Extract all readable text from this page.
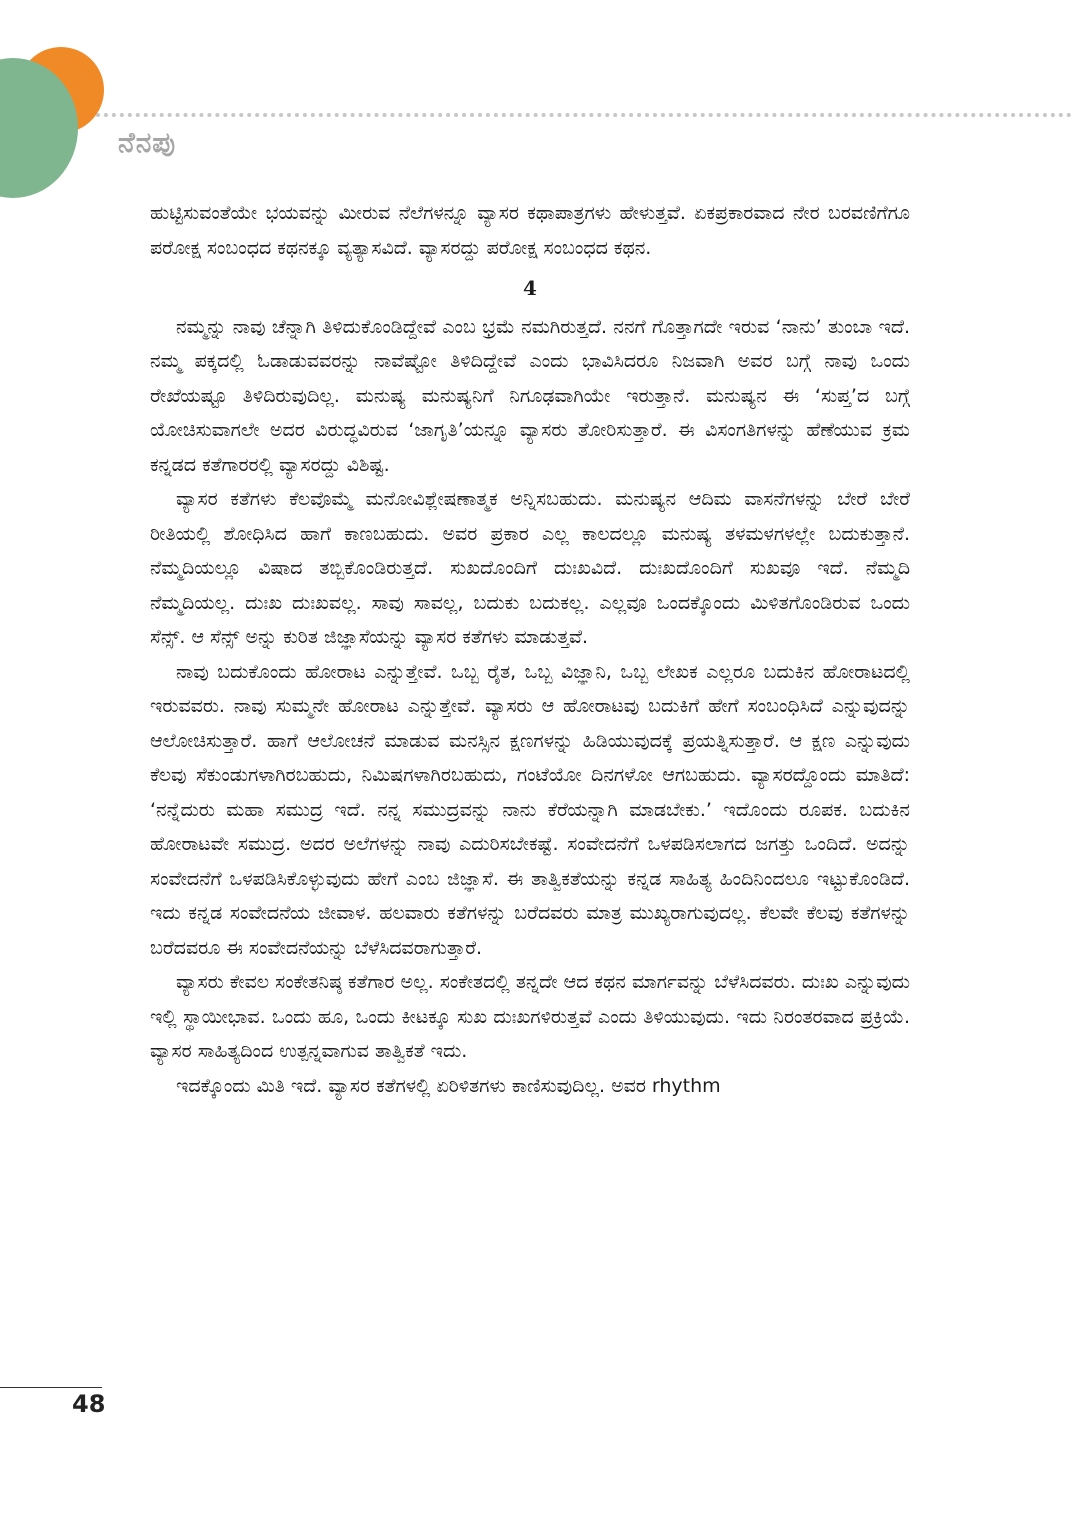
ನೆನಪು

ಹುಟ್ಟಿಸುವಂತೆಯೇ ಭಯವನ್ನು ಮೀರುವ ನೆಲೆಗಳನ್ನೂ ವ್ಯಾಸರ ಕಥಾಪಾತ್ರಗಳು ಹೇಳುತ್ತವೆ. ಏಕಪ್ರಕಾರವಾದ ನೇರ ಬರವಣಿಗೆಗೂ ಪರೋಕ್ಷ ಸಂಬಂಧದ ಕಥನಕ್ಕೂ ವ್ಯತ್ಯಾಸವಿದೆ. ವ್ಯಾಸರದ್ದು ಪರೋಕ್ಷ ಸಂಬಂಧದ ಕಥನ.

4

ನಮ್ಮನ್ನು ನಾವು ಚೆನ್ನಾಗಿ ತಿಳಿದುಕೊಂಡಿದ್ದೇವೆ ಎಂಬ ಭ್ರಮೆ ನಮಗಿರುತ್ತದೆ. ನನಗೆ ಗೊತ್ತಾಗದೇ ಇರುವ ‘ನಾನು’ ತುಂಬಾ ಇದೆ. ನಮ್ಮ ಪಕ್ಕದಲ್ಲಿ ಓಡಾಡುವವರನ್ನು ನಾವೆಷ್ಟೋ ತಿಳಿದಿದ್ದೇವೆ ಎಂದು ಭಾವಿಸಿದರೂ ನಿಜವಾಗಿ ಅವರ ಬಗ್ಗೆ ನಾವು ಒಂದು ರೇಖೆಯಷ್ಟೂ ತಿಳಿದಿರುವುದಿಲ್ಲ. ಮನುಷ್ಯ ಮನುಷ್ಯನಿಗೆ ನಿಗೂಢವಾಗಿಯೇ ಇರುತ್ತಾನೆ. ಮನುಷ್ಯನ ಈ ‘ಸುಪ್ತ’ದ ಬಗ್ಗೆ ಯೋಚಿಸುವಾಗಲೇ ಅದರ ವಿರುದ್ಧವಿರುವ ‘ಜಾಗೃತಿ’ಯನ್ನೂ ವ್ಯಾಸರು ತೋರಿಸುತ್ತಾರೆ. ಈ ವಿಸಂಗತಿಗಳನ್ನು ಹೆಣೆಯುವ ಕ್ರಮ ಕನ್ನಡದ ಕತೆಗಾರರಲ್ಲಿ ವ್ಯಾಸರದ್ದು ವಿಶಿಷ್ಟ.

ವ್ಯಾಸರ ಕತೆಗಳು ಕೆಲವೊಮ್ಮೆ ಮನೋವಿಶ್ಲೇಷಣಾತ್ಮಕ ಅನ್ನಿಸಬಹುದು. ಮನುಷ್ಯನ ಆದಿಮ ವಾಸನೆಗಳನ್ನು ಬೇರೆ ಬೇರೆ ರೀತಿಯಲ್ಲಿ ಶೋಧಿಸಿದ ಹಾಗೆ ಕಾಣಬಹುದು. ಅವರ ಪ್ರಕಾರ ಎಲ್ಲ ಕಾಲದಲ್ಲೂ ಮನುಷ್ಯ ತಳಮಳಗಳಲ್ಲೇ ಬದುಕುತ್ತಾನೆ. ನೆಮ್ಮದಿಯಲ್ಲೂ ವಿಷಾದ ತಬ್ಬಿಕೊಂಡಿರುತ್ತದೆ. ಸುಖದೊಂದಿಗೆ ದುಃಖವಿದೆ. ದುಃಖದೊಂದಿಗೆ ಸುಖವೂ ಇದೆ. ನೆಮ್ಮದಿ ನೆಮ್ಮದಿಯಲ್ಲ. ದುಃಖ ದುಃಖವಲ್ಲ. ಸಾವು ಸಾವಲ್ಲ, ಬದುಕು ಬದುಕಲ್ಲ. ಎಲ್ಲವೂ ಒಂದಕ್ಕೊಂದು ಮಿಳಿತಗೊಂಡಿರುವ ಒಂದು ಸೆನ್ಸ್. ಆ ಸೆನ್ಸ್ ಅನ್ನು ಕುರಿತ ಜಿಜ್ಞಾಸೆಯನ್ನು ವ್ಯಾಸರ ಕತೆಗಳು ಮಾಡುತ್ತವೆ.

ನಾವು ಬದುಕೊಂದು ಹೋರಾಟ ಎನ್ನುತ್ತೇವೆ. ಒಬ್ಬ ರೈತ, ಒಬ್ಬ ವಿಜ್ಞಾನಿ, ಒಬ್ಬ ಲೇಖಕ ಎಲ್ಲರೂ ಬದುಕಿನ ಹೋರಾಟದಲ್ಲಿ ಇರುವವರು. ನಾವು ಸುಮ್ಮನೇ ಹೋರಾಟ ಎನ್ನುತ್ತೇವೆ. ವ್ಯಾಸರು ಆ ಹೋರಾಟವು ಬದುಕಿಗೆ ಹೇಗೆ ಸಂಬಂಧಿಸಿದೆ ಎನ್ನುವುದನ್ನು ಆಲೋಚಿಸುತ್ತಾರೆ. ಹಾಗೆ ಆಲೋಚನೆ ಮಾಡುವ ಮನಸ್ಸಿನ ಕ್ಷಣಗಳನ್ನು ಹಿಡಿಯುವುದಕ್ಕೆ ಪ್ರಯತ್ನಿಸುತ್ತಾರೆ. ಆ ಕ್ಷಣ ಎನ್ನುವುದು ಕೆಲವು ಸೆಕುಂಡುಗಳಾಗಿರಬಹುದು, ನಿಮಿಷಗಳಾಗಿರಬಹುದು, ಗಂಟೆಯೋ ದಿನಗಳೋ ಆಗಬಹುದು. ವ್ಯಾಸರದ್ದೊಂದು ಮಾತಿದೆ: ‘ನನ್ನೆದುರು ಮಹಾ ಸಮುದ್ರ ಇದೆ. ನನ್ನ ಸಮುದ್ರವನ್ನು ನಾನು ಕೆರೆಯನ್ನಾಗಿ ಮಾಡಬೇಕು.’ ಇದೊಂದು ರೂಪಕ. ಬದುಕಿನ ಹೋರಾಟವೇ ಸಮುದ್ರ. ಅದರ ಅಲೆಗಳನ್ನು ನಾವು ಎದುರಿಸಬೇಕಷ್ಟೆ. ಸಂವೇದನೆಗೆ ಒಳಪಡಿಸಲಾಗದ ಜಗತ್ತು ಒಂದಿದೆ. ಅದನ್ನು ಸಂವೇದನೆಗೆ ಒಳಪಡಿಸಿಕೊಳ್ಳುವುದು ಹೇಗೆ ಎಂಬ ಜಿಜ್ಞಾಸೆ. ಈ ತಾತ್ವಿಕತೆಯನ್ನು ಕನ್ನಡ ಸಾಹಿತ್ಯ ಹಿಂದಿನಿಂದಲೂ ಇಟ್ಟುಕೊಂಡಿದೆ. ಇದು ಕನ್ನಡ ಸಂವೇದನೆಯ ಜೀವಾಳ. ಹಲವಾರು ಕತೆಗಳನ್ನು ಬರೆದವರು ಮಾತ್ರ ಮುಖ್ಯರಾಗುವುದಲ್ಲ. ಕೆಲವೇ ಕೆಲವು ಕತೆಗಳನ್ನು ಬರೆದವರೂ ಈ ಸಂವೇದನೆಯನ್ನು ಬೆಳೆಸಿದವರಾಗುತ್ತಾರೆ.

ವ್ಯಾಸರು ಕೇವಲ ಸಂಕೇತನಿಷ್ಠ ಕತೆಗಾರ ಅಲ್ಲ. ಸಂಕೇತದಲ್ಲಿ ತನ್ನದೇ ಆದ ಕಥನ ಮಾರ್ಗವನ್ನು ಬೆಳೆಸಿದವರು. ದುಃಖ ಎನ್ನುವುದು ಇಲ್ಲಿ ಸ್ಥಾಯೀಭಾವ. ಒಂದು ಹೂ, ಒಂದು ಕೀಟಕ್ಕೂ ಸುಖ ದುಃಖಗಳಿರುತ್ತವೆ ಎಂದು ತಿಳಿಯುವುದು. ಇದು ನಿರಂತರವಾದ ಪ್ರಕ್ರಿಯೆ. ವ್ಯಾಸರ ಸಾಹಿತ್ಯದಿಂದ ಉತ್ಪನ್ನವಾಗುವ ತಾತ್ವಿಕತೆ ಇದು.

ಇದಕ್ಕೊಂದು ಮಿತಿ ಇದೆ. ವ್ಯಾಸರ ಕತೆಗಳಲ್ಲಿ ಏರಿಳಿತಗಳು ಕಾಣಿಸುವುದಿಲ್ಲ. ಅವರ rhythm

48
